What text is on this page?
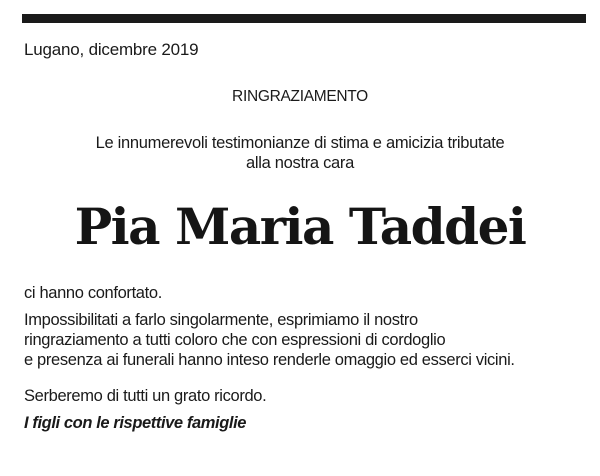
Lugano, dicembre 2019
RINGRAZIAMENTO
Le innumerevoli testimonianze di stima e amicizia tributate
alla nostra cara
Pia Maria Taddei
ci hanno confortato.
Impossibilitati a farlo singolarmente, esprimiamo il nostro
ringraziamento a tutti coloro che con espressioni di cordoglio
e presenza ai funerali hanno inteso renderle omaggio ed esserci vicini.
Serberemo di tutti un grato ricordo.
I figli con le rispettive famiglie
